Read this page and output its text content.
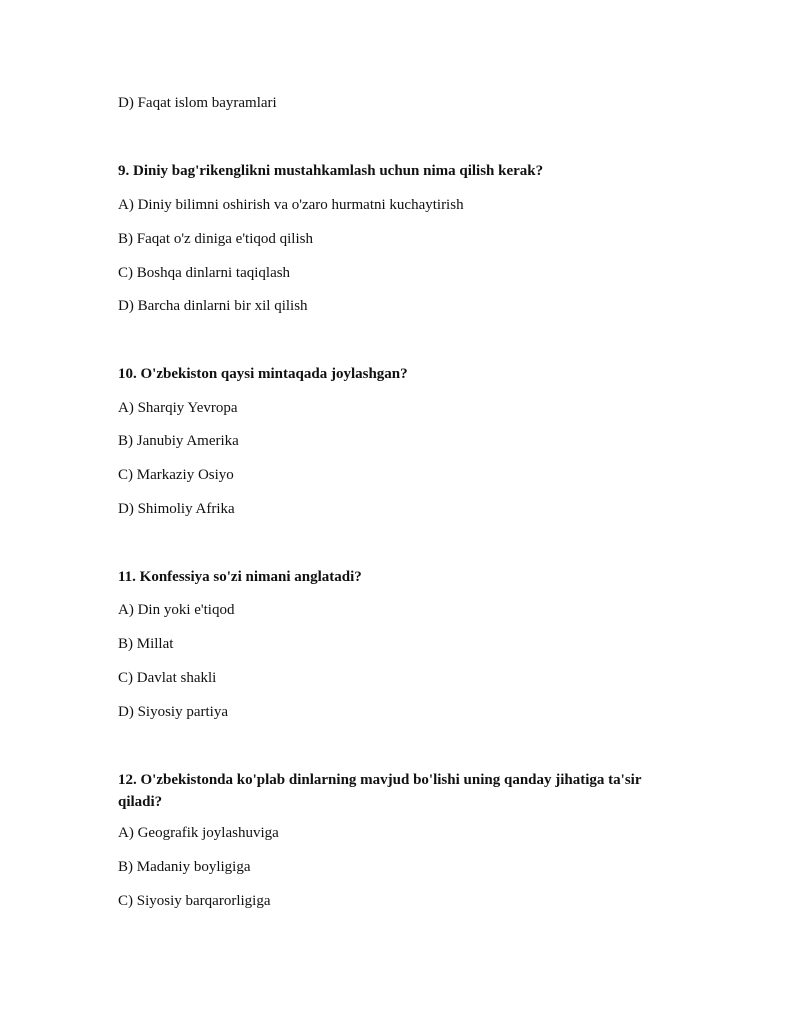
D) Faqat islom bayramlari
9. Diniy bag'rikenglikni mustahkamlash uchun nima qilish kerak?
A) Diniy bilimni oshirish va o'zaro hurmatni kuchaytirish
B) Faqat o'z diniga e'tiqod qilish
C) Boshqa dinlarni taqiqlash
D) Barcha dinlarni bir xil qilish
10. O'zbekiston qaysi mintaqada joylashgan?
A) Sharqiy Yevropa
B) Janubiy Amerika
C) Markaziy Osiyo
D) Shimoliy Afrika
11. Konfessiya so'zi nimani anglatadi?
A) Din yoki e'tiqod
B) Millat
C) Davlat shakli
D) Siyosiy partiya
12. O'zbekistonda ko'plab dinlarning mavjud bo'lishi uning qanday jihatiga ta'sir qiladi?
A) Geografik joylashuviga
B) Madaniy boyligiga
C) Siyosiy barqarorligiga
